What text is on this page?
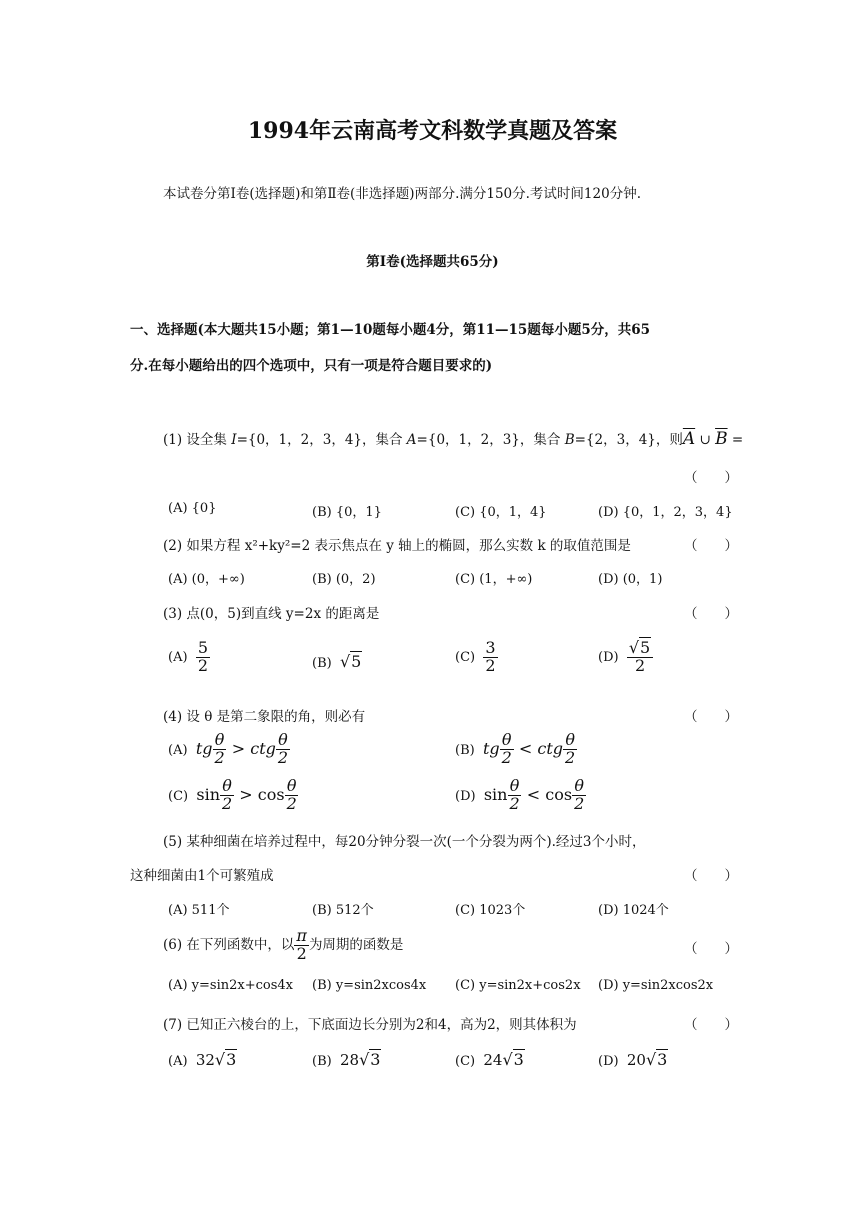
1994年云南高考文科数学真题及答案
本试卷分第Ⅰ卷(选择题)和第Ⅱ卷(非选择题)两部分.满分150分.考试时间120分钟.
第Ⅰ卷(选择题共65分)
一、选择题(本大题共15小题；第1—10题每小题4分，第11—15题每小题5分，共65
分.在每小题给出的四个选项中，只有一项是符合题目要求的)
(1) 设全集 I={0，1，2，3，4}，集合 A={0，1，2，3}，集合 B={2，3，4}，则$\overline{A}$ ∪ $\overline{B}$ =
（　　）
(A) {0}	(B) {0，1}	(C) {0，1，4}	(D) {0，1，2，3，4}
(2) 如果方程 x²+ky²=2 表示焦点在 y 轴上的椭圆，那么实数 k 的取值范围是	（　　）
(A) (0，+∞)	(B) (0，2)	(C) (1，+∞)	(D) (0，1)
(3) 点(0，5)到直线 y=2x 的距离是	（　　）
$(A) \frac{5}{2}$	(B) √5	$(C) \frac{3}{2}$	$(D) \frac{√5}{2}$
(4) 设 θ 是第二象限的角，则必有	（　　）
(A) tg $\frac{\theta}{2}$ > ctg $\frac{\theta}{2}$	(B) tg $\frac{\theta}{2}$ < ctg $\frac{\theta}{2}$
(C) $\sin \frac{\theta}{2} > \cos \frac{\theta}{2}$	(D) $\sin \frac{\theta}{2} < \cos \frac{\theta}{2}$
(5) 某种细菌在培养过程中，每20分钟分裂一次(一个分裂为两个).经过3个小时，
这种细菌由1个可繁殖成	（　　）
(A) 511个	(B) 512个	(C) 1023个	(D) 1024个
(6) 在下列函数中，以 $\frac{\pi}{2}$ 为周期的函数是	（　　）
(A) y=sin2x+cos4x (B) y=sin2xcos4x (C) y=sin2x+cos2x (D) y=sin2xcos2x
(7) 已知正六棱台的上，下底面边长分别为2和4，高为2，则其体积为	（　　）
(A) 32√3	(B) 28√3	(C) 24√3	(D) 20√3
